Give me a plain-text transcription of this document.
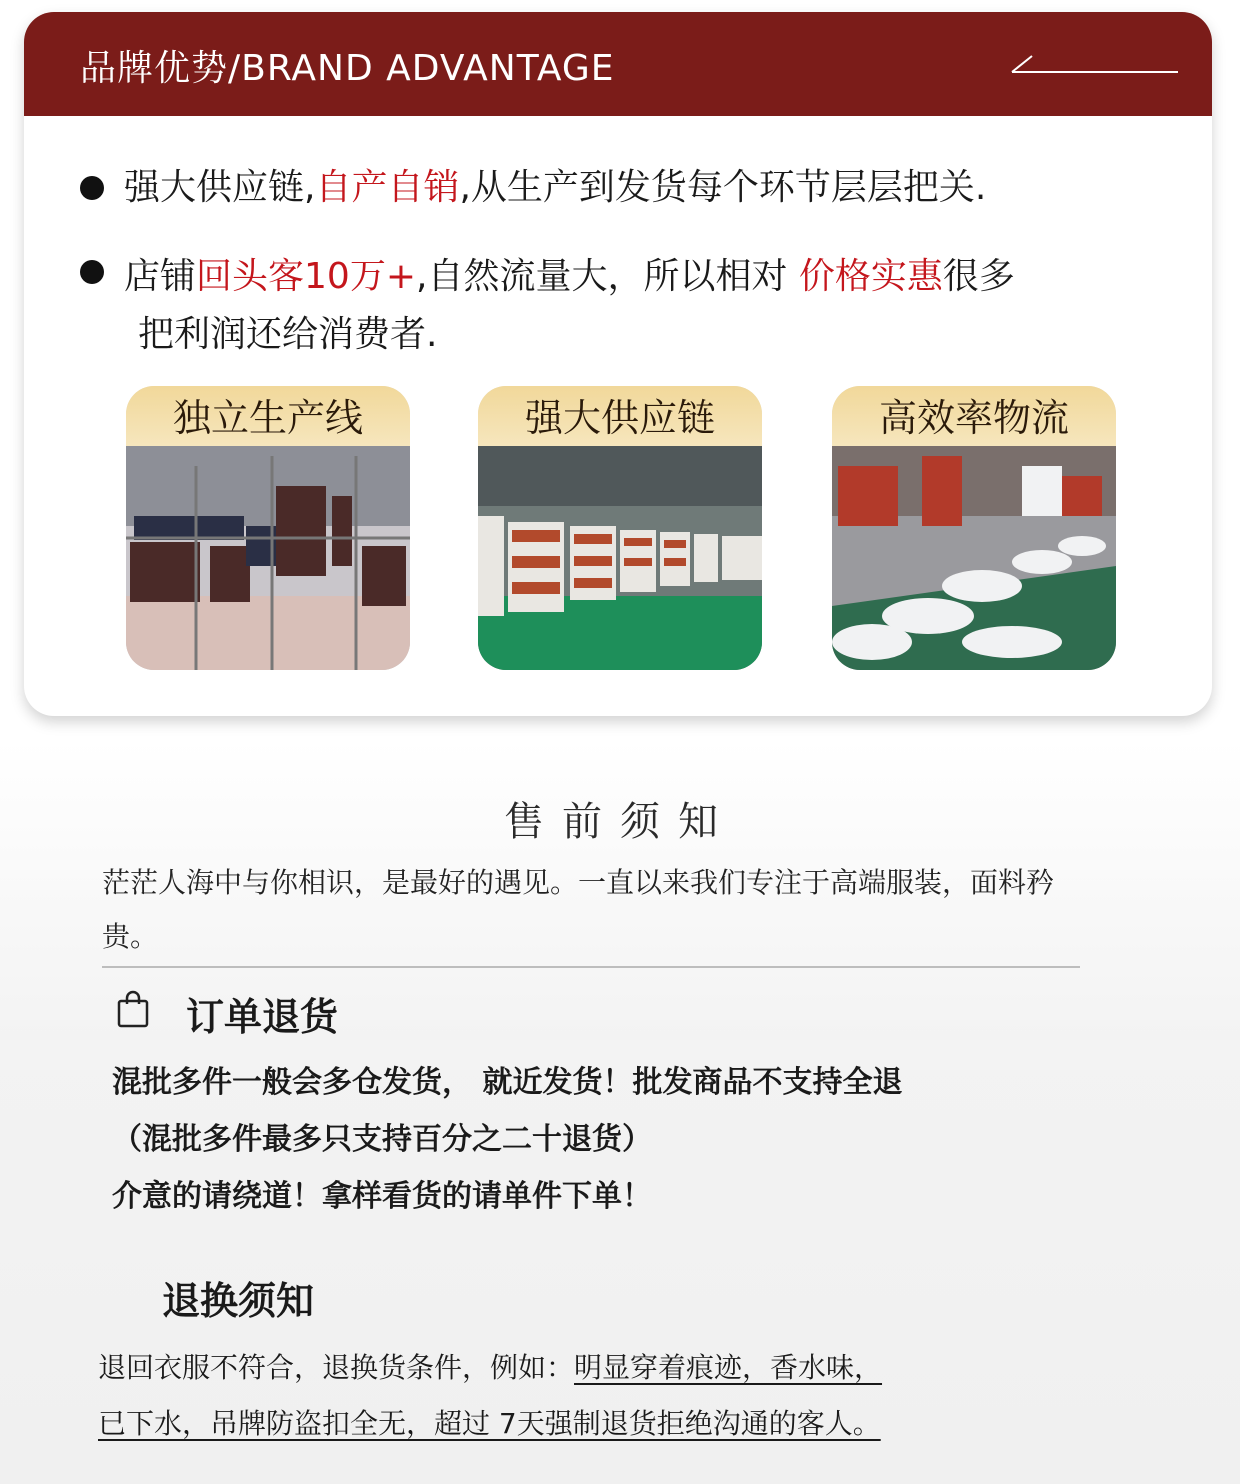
品牌优势/BRAND ADVANTAGE
强大供应链,自产自销,从生产到发货每个环节层层把关.
店铺回头客10万+,自然流量大，所以相对 价格实惠很多
把利润还给消费者.
独立生产线	强大供应链	高效率物流
售前须知
茫茫人海中与你相识，是最好的遇见。一直以来我们专注于高端服装，面料矜贵。
订单退货
混批多件一般会多仓发货， 就近发货！批发商品不支持全退
（混批多件最多只支持百分之二十退货）
介意的请绕道！拿样看货的请单件下单！
退换须知
退回衣服不符合，退换货条件，例如：明显穿着痕迹，香水味，
已下水，吊牌防盗扣全无，超过 7天强制退货拒绝沟通的客人。
